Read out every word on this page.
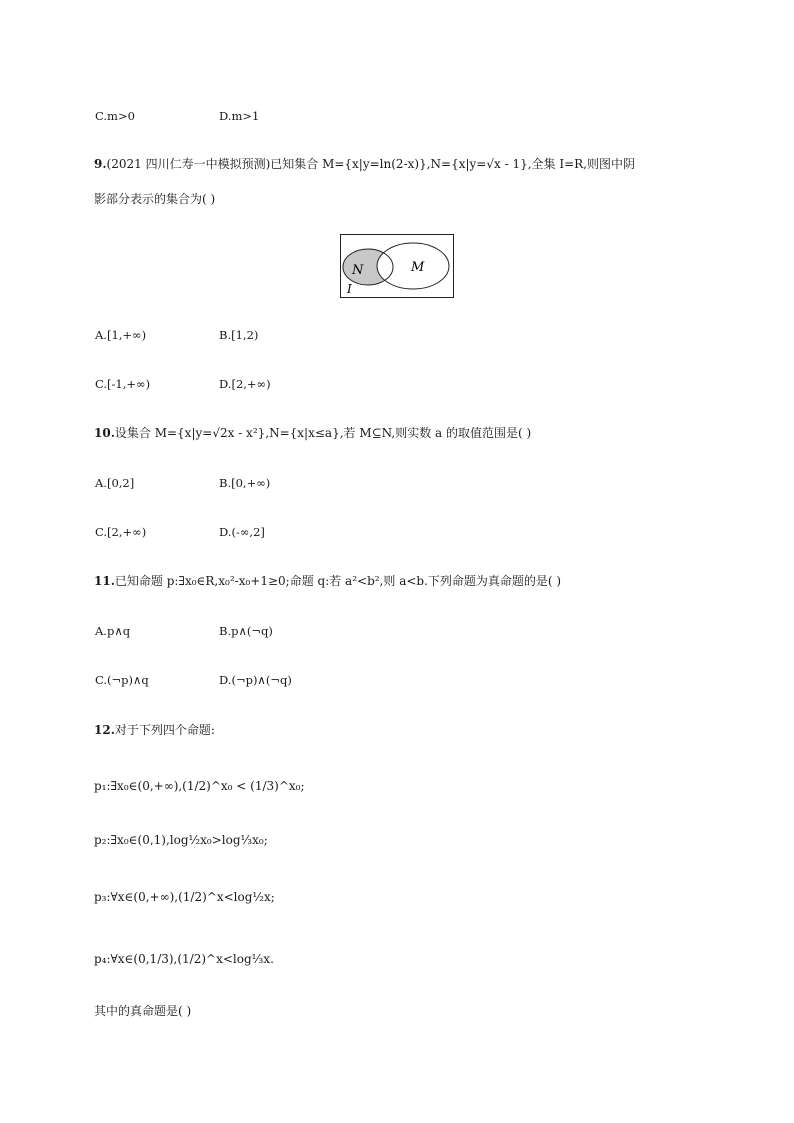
C.m>0	D.m>1
9.(2021 四川仁寿一中模拟预测)已知集合 M={x|y=ln(2-x)},N={x|y=√x - 1},全集 I=R,则图中阴
影部分表示的集合为( )
N	M
I
A.[1,+∞)	B.[1,2)
C.[-1,+∞)	D.[2,+∞)
10.设集合 M={x|y=√2x - x²},N={x|x≤a},若 M⊆N,则实数 a 的取值范围是( )
A.[0,2]	B.[0,+∞)
C.[2,+∞)	D.(-∞,2]
11.已知命题 p:∃x₀∈R,x₀²-x₀+1≥0;命题 q:若 a²<b²,则 a<b.下列命题为真命题的是( )
A.p∧q	B.p∧(¬q)
C.(¬p)∧q	D.(¬p)∧(¬q)
12.对于下列四个命题:
p₁:∃x₀∈(0,+∞),(1/2)^x₀ < (1/3)^x₀;
p₂:∃x₀∈(0,1),log½x₀>log⅓x₀;
p₃:∀x∈(0,+∞),(1/2)^x<log½x;
p₄:∀x∈(0,1/3),(1/2)^x<log⅓x.
其中的真命题是( )
